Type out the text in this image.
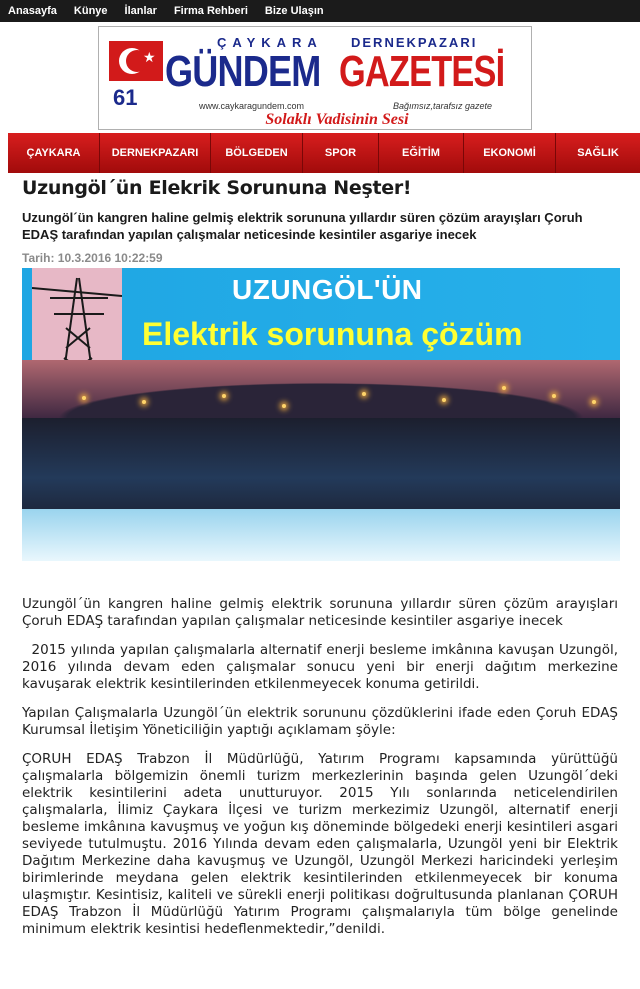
Anasayfa Künye İlanlar Firma Rehberi Bize Ulaşın
★
61
ÇAYKARA DERNEKPAZARI
GÜNDEM GAZETESİ
www.caykaragundem.com	Bağımsız,tarafsız gazete
Solaklı Vadisinin Sesi
ÇAYKARA	DERNEKPAZARI	BÖLGEDEN	SPOR	EĞİTİM	EKONOMİ	SAĞLIK
Uzungöl´ün Elekrik Sorununa Neşter!
Uzungöl´ün kangren haline gelmiş elektrik sorununa yıllardır süren çözüm arayışları Çoruh EDAŞ tarafından yapılan çalışmalar neticesinde kesintiler asgariye inecek
Tarih: 10.3.2016 10:22:59
UZUNGÖL'ÜN
Elektrik sorununa çözüm

Uzungöl´ün kangren haline gelmiş elektrik sorununa yıllardır süren çözüm arayışları Çoruh EDAŞ tarafından yapılan çalışmalar neticesinde kesintiler asgariye inecek

2015 yılında yapılan çalışmalarla alternatif enerji besleme imkânına kavuşan Uzungöl, 2016 yılında devam eden çalışmalar sonucu yeni bir enerji dağıtım merkezine kavuşarak elektrik kesintilerinden etkilenmeyecek konuma getirildi.

Yapılan Çalışmalarla Uzungöl´ün elektrik sorununu çözdüklerini ifade eden Çoruh EDAŞ Kurumsal İletişim Yöneticiliğin yaptığı açıklamam şöyle:

ÇORUH EDAŞ Trabzon İl Müdürlüğü, Yatırım Programı kapsamında yürüttüğü çalışmalarla bölgemizin önemli turizm merkezlerinin başında gelen Uzungöl´deki elektrik kesintilerini adeta unutturuyor. 2015 Yılı sonlarında neticelendirilen çalışmalarla, İlimiz Çaykara İlçesi ve turizm merkezimiz Uzungöl, alternatif enerji besleme imkânına kavuşmuş ve yoğun kış döneminde bölgedeki enerji kesintileri asgari seviyede tutulmuştu. 2016 Yılında devam eden çalışmalarla, Uzungöl yeni bir Elektrik Dağıtım Merkezine daha kavuşmuş ve Uzungöl, Uzungöl Merkezi haricindeki yerleşim birimlerinde meydana gelen elektrik kesintilerinden etkilenmeyecek bir konuma ulaşmıştır. Kesintisiz, kaliteli ve sürekli enerji politikası doğrultusunda planlanan ÇORUH EDAŞ Trabzon İl Müdürlüğü Yatırım Programı çalışmalarıyla tüm bölge genelinde minimum elektrik kesintisi hedeflenmektedir,”denildi.
